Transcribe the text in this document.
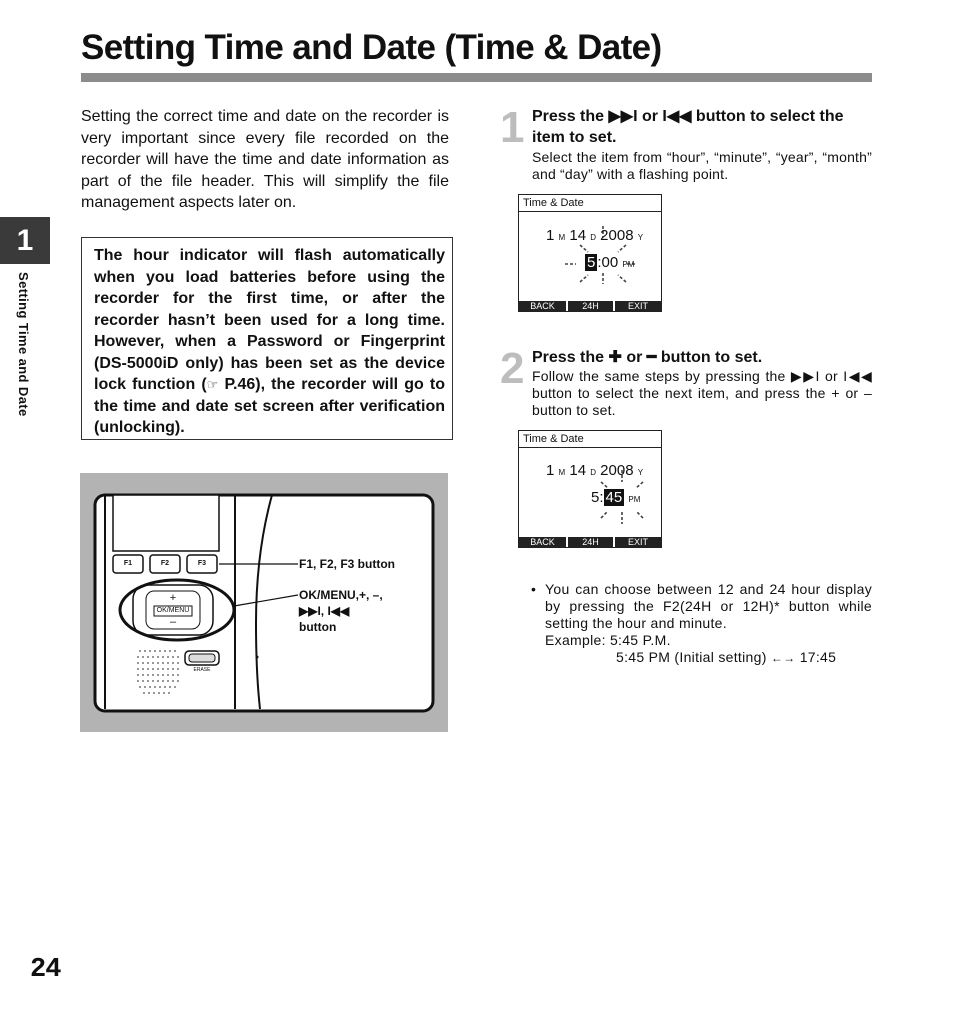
Setting Time and Date (Time & Date)
Setting the correct time and date on the recorder is very important since every file recorded on the recorder will have the time and date information as part of the file header. This will simplify the file management aspects later on.
The hour indicator will flash automatically when you load batteries before using the recorder for the first time, or after the recorder hasn’t been used for a long time. However, when a Password or Fingerprint (DS-5000iD only) has been set as the device lock function (☞ P.46), the recorder will go to the time and date set screen after verification (unlocking).
1
Setting Time and Date
24
F1	F2	F3
+
OK/MENU
–
ERASE
F1, F2, F3 button
OK/MENU,+, –,
▶▶I, I◀◀
button
1 Press the ▶▶I or I◀◀ button to select the item to set.
Select the item from “hour”, “minute”, “year”, “month” and “day” with a flashing point.
Time & Date
1 M 14 D 2008 Y
5 :00 PM
BACK	24H	EXIT
2 Press the ✚ or ━ button to set.
Follow the same steps by pressing the ▶▶I or I◀◀ button to select the next item, and press the + or – button to set.
Time & Date
1 M 14 D 2008 Y
5: 45 PM
BACK	24H	EXIT
• You can choose between 12 and 24 hour display by pressing the F2(24H or 12H)* button while setting the hour and minute.
Example: 5:45 P.M.
5:45 PM (Initial setting) ←→ 17:45
